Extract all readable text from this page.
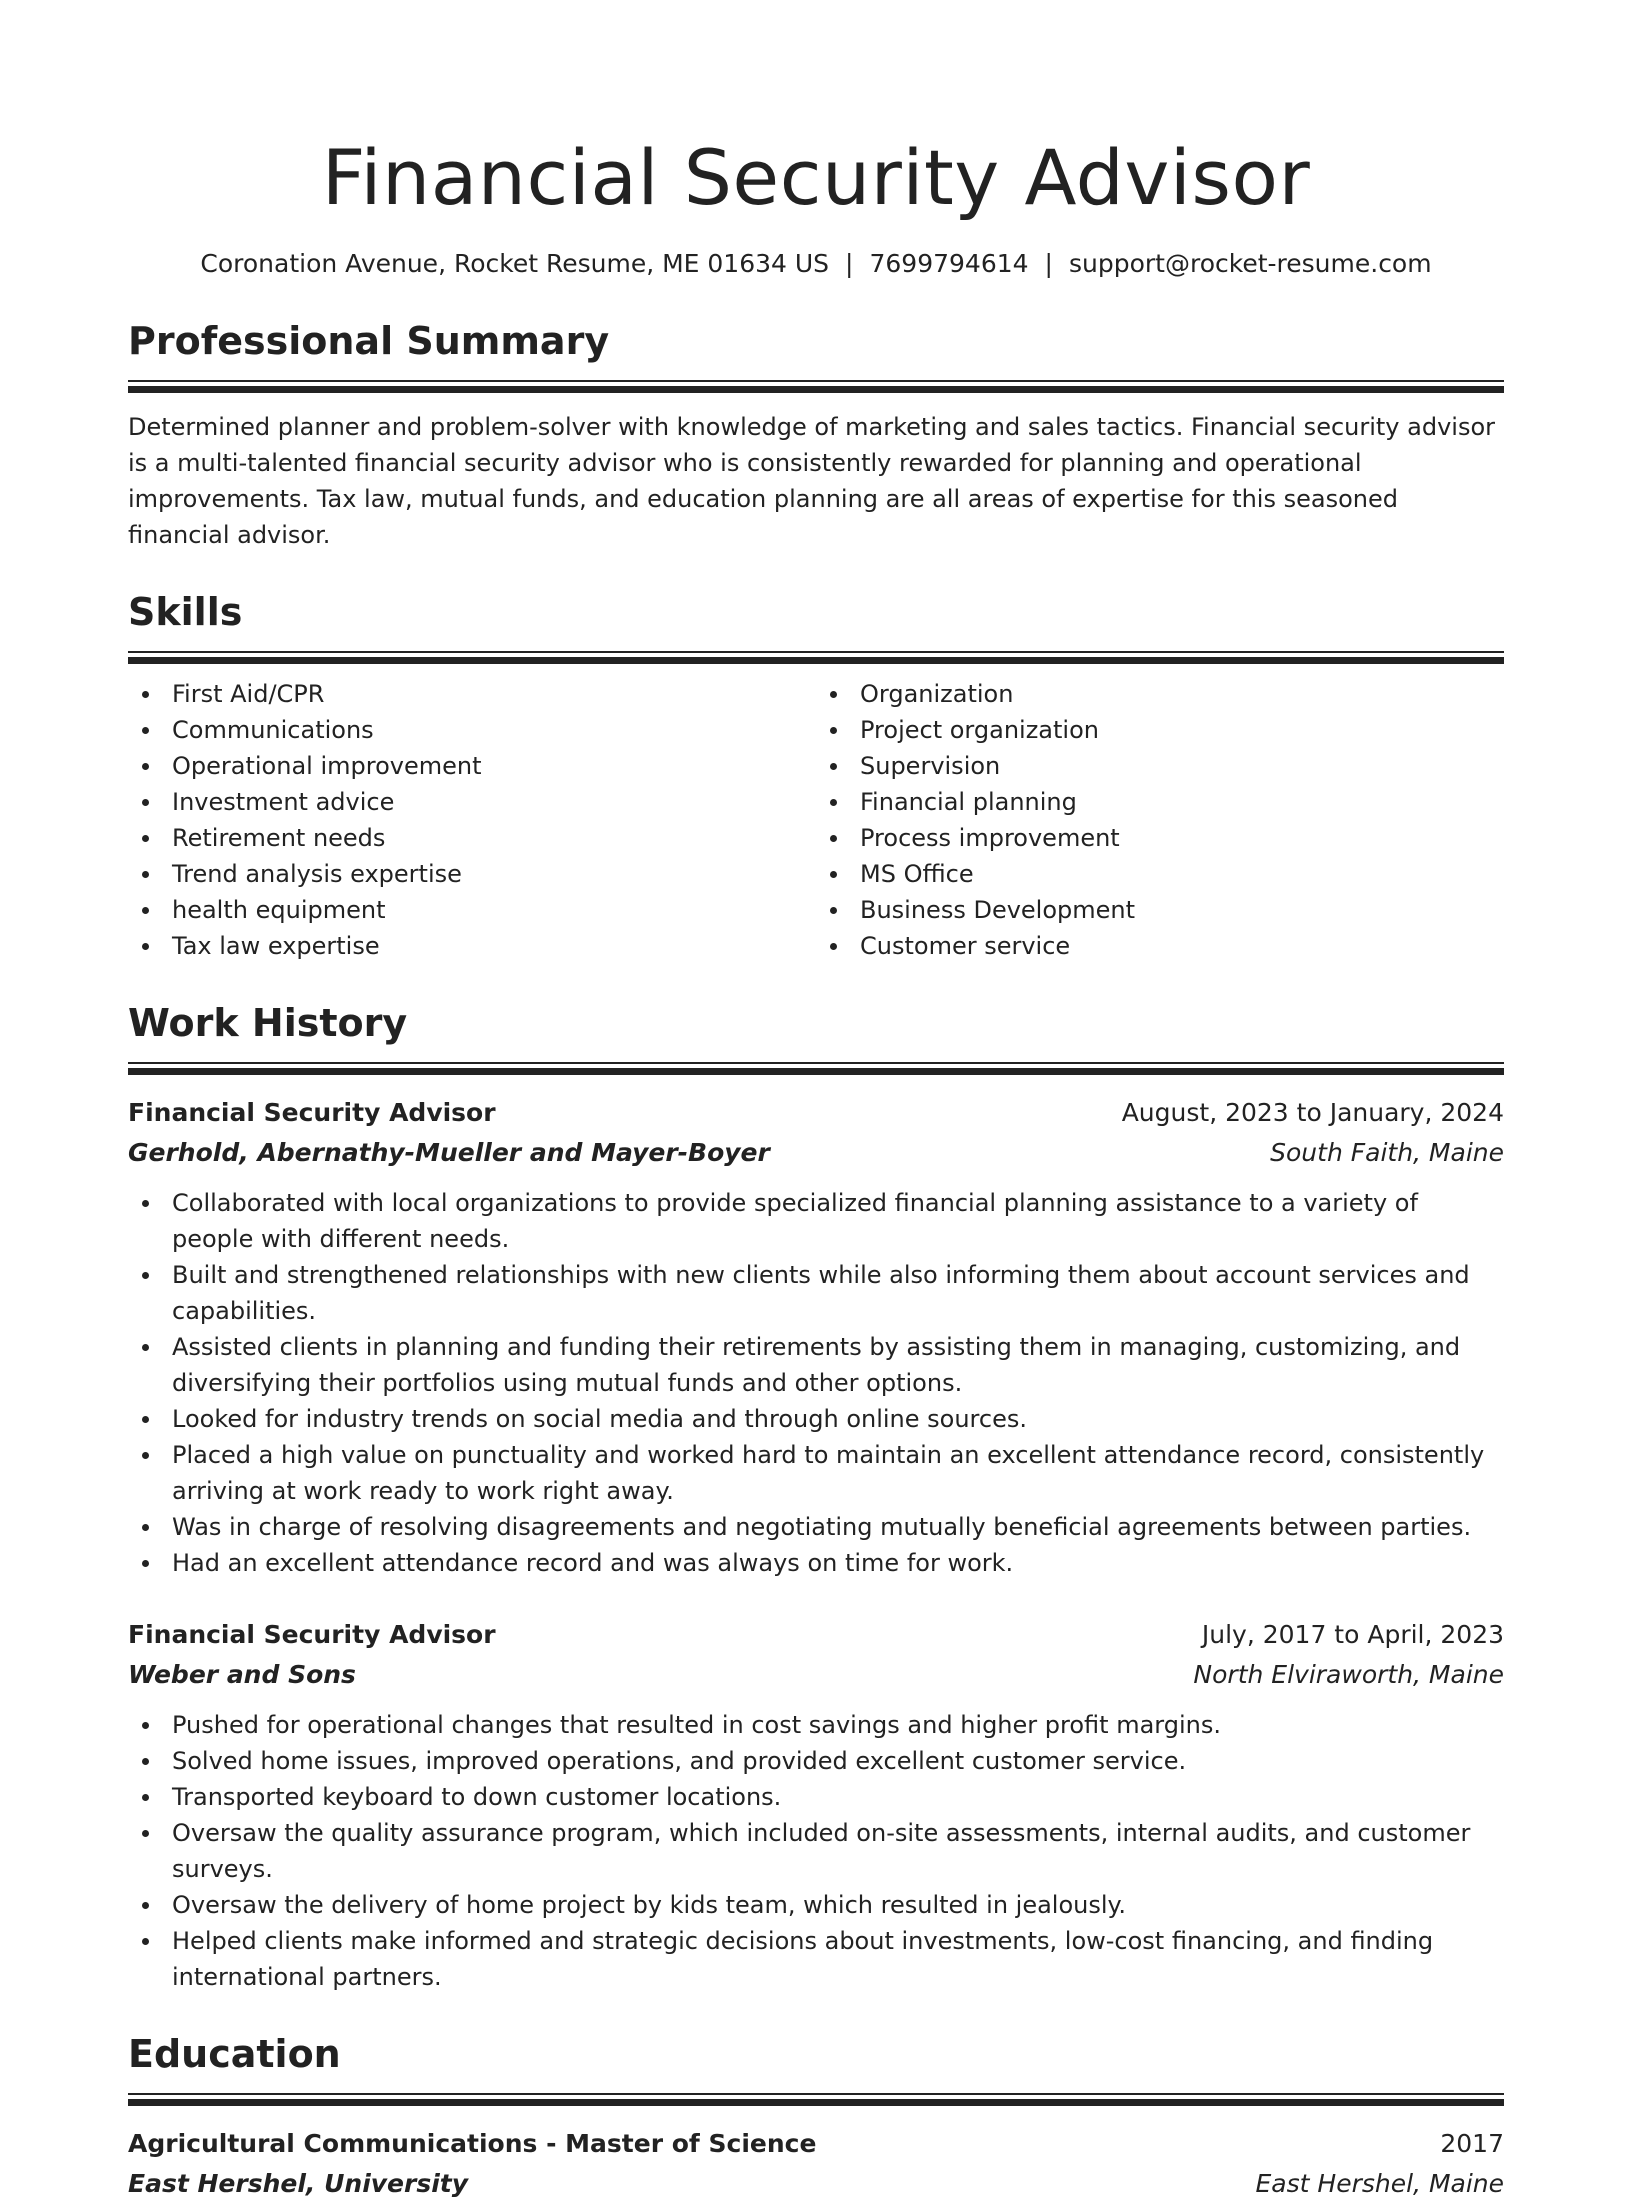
Financial Security Advisor
Coronation Avenue, Rocket Resume, ME 01634 US | 7699794614 | support@rocket-resume.com
Professional Summary

Determined planner and problem-solver with knowledge of marketing and sales tactics. Financial security advisor is a multi-talented financial security advisor who is consistently rewarded for planning and operational improvements. Tax law, mutual funds, and education planning are all areas of expertise for this seasoned financial advisor.

Skills
First Aid/CPR
Communications
Operational improvement
Investment advice
Retirement needs
Trend analysis expertise
health equipment
Tax law expertise
Organization
Project organization
Supervision
Financial planning
Process improvement
MS Office
Business Development
Customer service
Work History
Financial Security Advisor	August, 2023 to January, 2024
Gerhold, Abernathy-Mueller and Mayer-Boyer	South Faith, Maine
Collaborated with local organizations to provide specialized financial planning assistance to a variety of people with different needs.
Built and strengthened relationships with new clients while also informing them about account services and capabilities.
Assisted clients in planning and funding their retirements by assisting them in managing, customizing, and diversifying their portfolios using mutual funds and other options.
Looked for industry trends on social media and through online sources.
Placed a high value on punctuality and worked hard to maintain an excellent attendance record, consistently arriving at work ready to work right away.
Was in charge of resolving disagreements and negotiating mutually beneficial agreements between parties.
Had an excellent attendance record and was always on time for work.
Financial Security Advisor	July, 2017 to April, 2023
Weber and Sons	North Elviraworth, Maine
Pushed for operational changes that resulted in cost savings and higher profit margins.
Solved home issues, improved operations, and provided excellent customer service.
Transported keyboard to down customer locations.
Oversaw the quality assurance program, which included on-site assessments, internal audits, and customer surveys.
Oversaw the delivery of home project by kids team, which resulted in jealously.
Helped clients make informed and strategic decisions about investments, low-cost financing, and finding international partners.
Education
Agricultural Communications - Master of Science	2017
East Hershel, University	East Hershel, Maine
